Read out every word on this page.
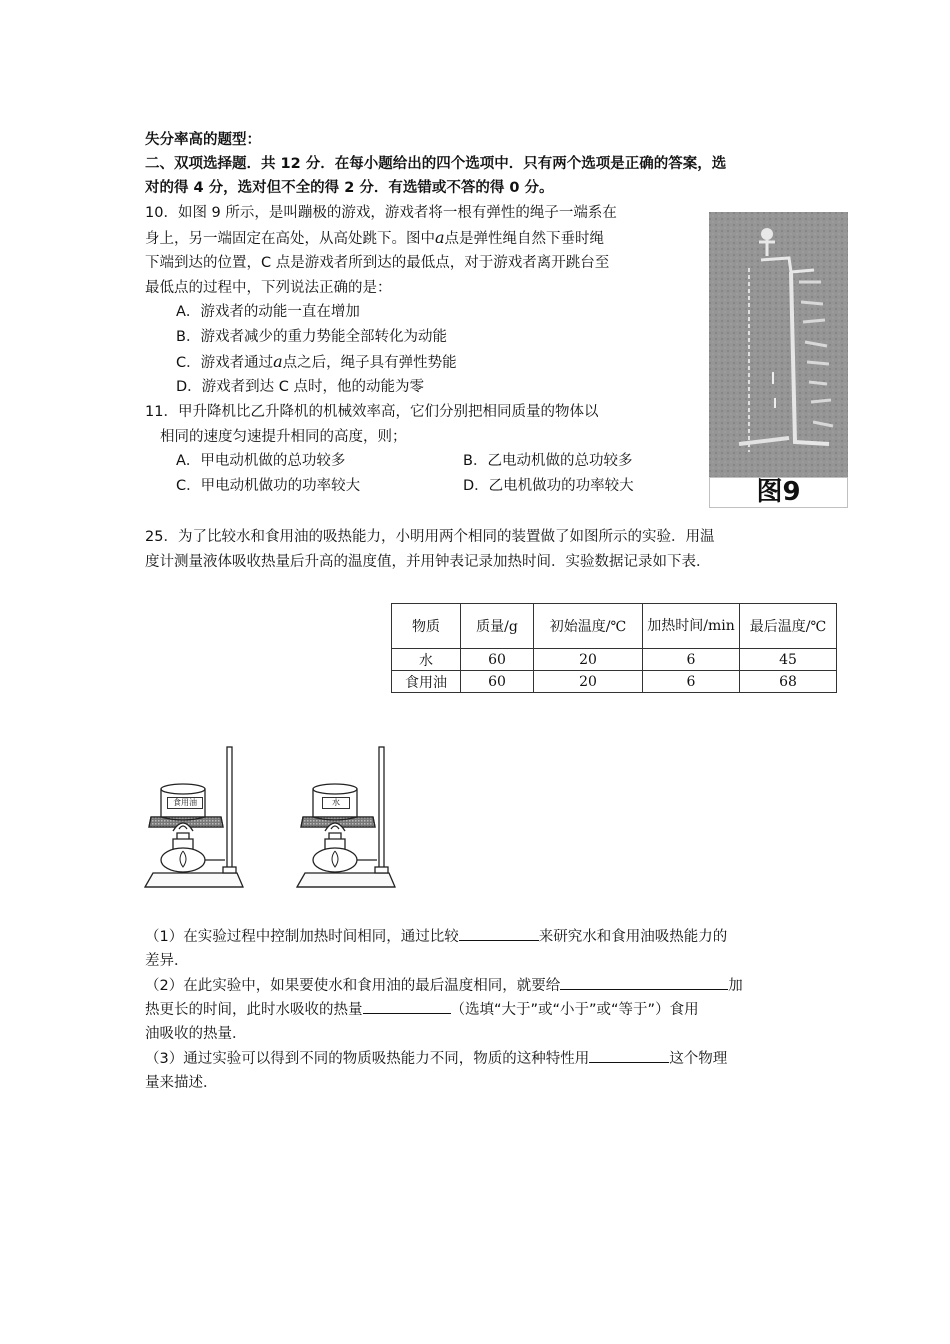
失分率高的题型：
二、双项选择题．共 12 分．在每小题给出的四个选项中．只有两个选项是正确的答案，选
对的得 4 分，选对但不全的得 2 分．有选错或不答的得 0 分。
10．如图 9 所示，是叫蹦极的游戏，游戏者将一根有弹性的绳子一端系在
身上，另一端固定在高处，从高处跳下。图中a点是弹性绳自然下垂时绳
下端到达的位置，C 点是游戏者所到达的最低点，对于游戏者离开跳台至
最低点的过程中，下列说法正确的是：
A．游戏者的动能一直在增加
B．游戏者减少的重力势能全部转化为动能
C．游戏者通过a点之后，绳子具有弹性势能
D．游戏者到达 C 点时，他的动能为零
图9
11．甲升降机比乙升降机的机械效率高，它们分别把相同质量的物体以
相同的速度匀速提升相同的高度，则；
A．甲电动机做的总功较多	B．乙电动机做的总功较多
C．甲电动机做功的功率较大	D．乙电机做功的功率较大
25．为了比较水和食用油的吸热能力，小明用两个相同的装置做了如图所示的实验．用温
度计测量液体吸收热量后升高的温度值，并用钟表记录加热时间．实验数据记录如下表．
物质	质量/g	初始温度/℃	加热时间/min	最后温度/℃
水	60	20	6	45
食用油	60	20	6	68
食用油	水
（1）在实验过程中控制加热时间相同，通过比较	来研究水和食用油吸热能力的
差异．
（2）在此实验中，如果要使水和食用油的最后温度相同，就要给	加
热更长的时间，此时水吸收的热量	（选填“大于”或“小于”或“等于”）食用
油吸收的热量．
（3）通过实验可以得到不同的物质吸热能力不同，物质的这种特性用	这个物理
量来描述．
